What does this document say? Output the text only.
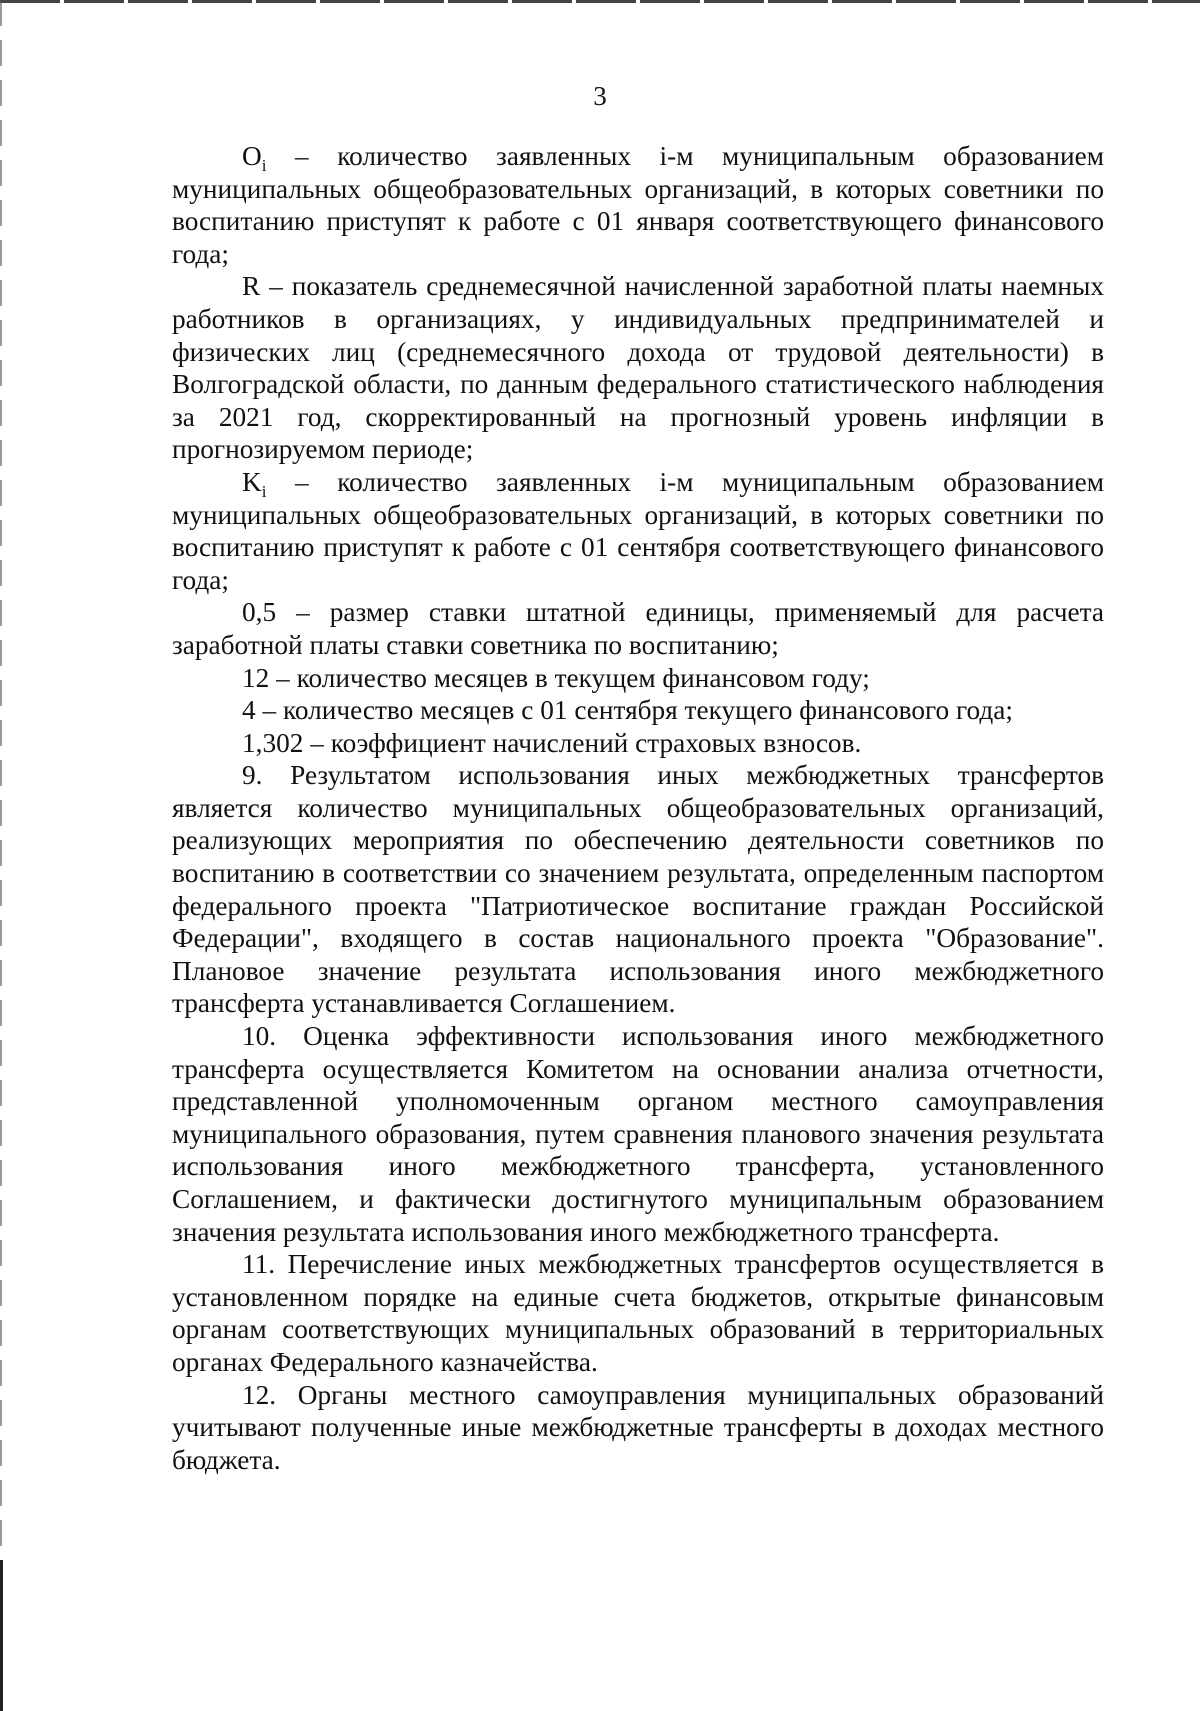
3

$O_i$ – количество заявленных i-м муниципальным образованием муниципальных общеобразовательных организаций, в которых советники по воспитанию приступят к работе с 01 января соответствующего финансового года;

R – показатель среднемесячной начисленной заработной платы наемных работников в организациях, у индивидуальных предпринимателей и физических лиц (среднемесячного дохода от трудовой деятельности) в Волгоградской области, по данным федерального статистического наблюдения за 2021 год, скорректированный на прогнозный уровень инфляции в прогнозируемом периоде;

$K_i$ – количество заявленных i-м муниципальным образованием муниципальных общеобразовательных организаций, в которых советники по воспитанию приступят к работе с 01 сентября соответствующего финансового года;

0,5 – размер ставки штатной единицы, применяемый для расчета заработной платы ставки советника по воспитанию;

12 – количество месяцев в текущем финансовом году;

4 – количество месяцев с 01 сентября текущего финансового года;

1,302 – коэффициент начислений страховых взносов.

9. Результатом использования иных межбюджетных трансфертов является количество муниципальных общеобразовательных организаций, реализующих мероприятия по обеспечению деятельности советников по воспитанию в соответствии со значением результата, определенным паспортом федерального проекта "Патриотическое воспитание граждан Российской Федерации", входящего в состав национального проекта "Образование". Плановое значение результата использования иного межбюджетного трансферта устанавливается Соглашением.

10. Оценка эффективности использования иного межбюджетного трансферта осуществляется Комитетом на основании анализа отчетности, представленной уполномоченным органом местного самоуправления муниципального образования, путем сравнения планового значения результата использования иного межбюджетного трансферта, установленного Соглашением, и фактически достигнутого муниципальным образованием значения результата использования иного межбюджетного трансферта.

11. Перечисление иных межбюджетных трансфертов осуществляется в установленном порядке на единые счета бюджетов, открытые финансовым органам соответствующих муниципальных образований в территориальных органах Федерального казначейства.

12. Органы местного самоуправления муниципальных образований учитывают полученные иные межбюджетные трансферты в доходах местного бюджета.
